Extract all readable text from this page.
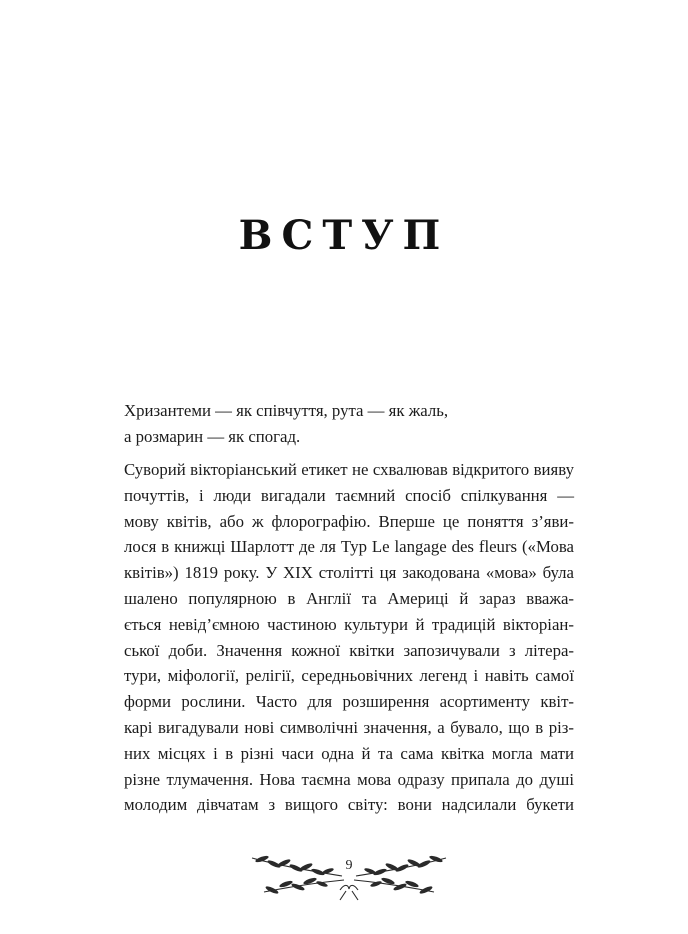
ВСТУП
Хризантеми — як співчуття, рута — як жаль,
а розмарин — як спогад.
Суворий вікторіанський етикет не схвалював відкритого вияву
почуттів, і люди вигадали таємний спосіб спілкування —
мову квітів, або ж флорографію. Вперше це поняття з’яви-
лося в книжці Шарлотт де ля Тур Le langage des fleurs («Мова
квітів») 1819 року. У XIX столітті ця закодована «мова» була
шалено популярною в Англії та Америці й зараз вважа-
ється невід’ємною частиною культури й традицій вікторіан-
ської доби. Значення кожної квітки запозичували з літера-
тури, міфології, релігії, середньовічних легенд і навіть самої
форми рослини. Часто для розширення асортименту квіт-
карі вигадували нові символічні значення, а бувало, що в різ-
них місцях і в різні часи одна й та сама квітка могла мати
різне тлумачення. Нова таємна мова одразу припала до душі
молодим дівчатам з вищого світу: вони надсилали букети
9
